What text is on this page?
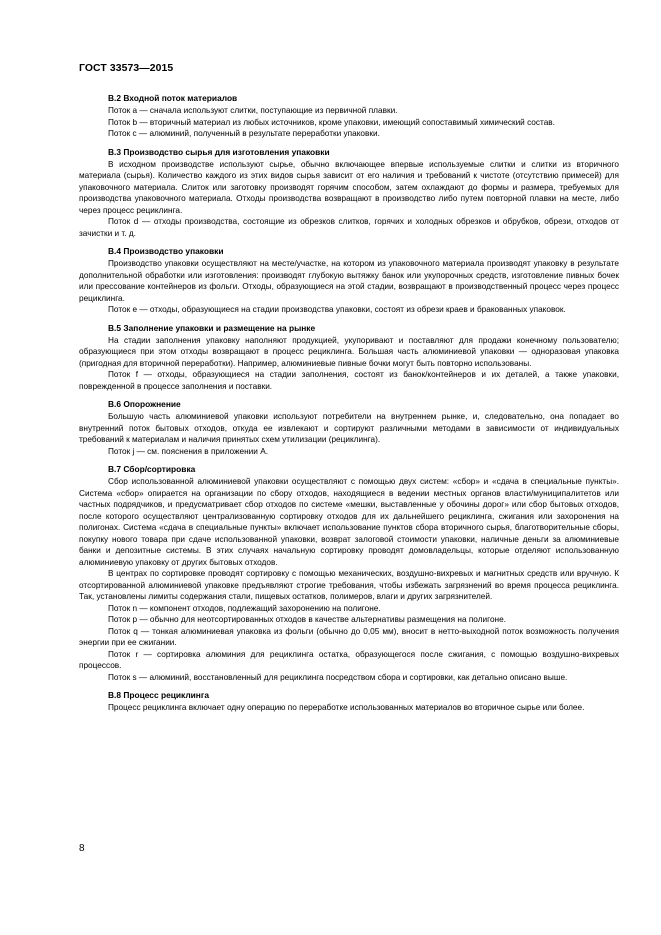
ГОСТ 33573—2015
B.2 Входной поток материалов

Поток a — сначала используют слитки, поступающие из первичной плавки.

Поток b — вторичный материал из любых источников, кроме упаковки, имеющий сопоставимый химический состав.

Поток c — алюминий, полученный в результате переработки упаковки.

B.3 Производство сырья для изготовления упаковки

В исходном производстве используют сырье, обычно включающее впервые используемые слитки и слитки из вторичного материала (сырья). Количество каждого из этих видов сырья зависит от его наличия и требований к чистоте (отсутствию примесей) для упаковочного материала. Слиток или заготовку производят горячим способом, затем охлаждают до формы и размера, требуемых для производства упаковочного материала. Отходы производства возвращают в производство либо путем повторной плавки на месте, либо через процесс рециклинга.

Поток d — отходы производства, состоящие из обрезков слитков, горячих и холодных обрезков и обрубков, обрези, отходов от зачистки и т. д.

B.4 Производство упаковки

Производство упаковки осуществляют на месте/участке, на котором из упаковочного материала производят упаковку в результате дополнительной обработки или изготовления: производят глубокую вытяжку банок или укупорочных средств, изготовление пивных бочек или прессование контейнеров из фольги. Отходы, образующиеся на этой стадии, возвращают в производственный процесс через процесс рециклинга.

Поток e — отходы, образующиеся на стадии производства упаковки, состоят из обрези краев и бракованных упаковок.

B.5 Заполнение упаковки и размещение на рынке

На стадии заполнения упаковку наполняют продукцией, укупоривают и поставляют для продажи конечному пользователю; образующиеся при этом отходы возвращают в процесс рециклинга. Большая часть алюминиевой упаковки — одноразовая упаковка (пригодная для вторичной переработки). Например, алюминиевые пивные бочки могут быть повторно использованы.

Поток f — отходы, образующиеся на стадии заполнения, состоят из банок/контейнеров и их деталей, а также упаковки, поврежденной в процессе заполнения и поставки.

B.6 Опорожнение

Большую часть алюминиевой упаковки используют потребители на внутреннем рынке, и, следовательно, она попадает во внутренний поток бытовых отходов, откуда ее извлекают и сортируют различными методами в зависимости от индивидуальных требований к материалам и наличия принятых схем утилизации (рециклинга).

Поток j — см. пояснения в приложении А.

B.7 Сбор/сортировка

Сбор использованной алюминиевой упаковки осуществляют с помощью двух систем: «сбор» и «сдача в специальные пункты». Система «сбор» опирается на организации по сбору отходов, находящиеся в ведении местных органов власти/муниципалитетов или частных подрядчиков, и предусматривает сбор отходов по системе «мешки, выставленные у обочины дорог» или сбор бытовых отходов, после которого осуществляют централизованную сортировку отходов для их дальнейшего рециклинга, сжигания или захоронения на полигонах. Система «сдача в специальные пункты» включает использование пунктов сбора вторичного сырья, благотворительные сборы, покупку нового товара при сдаче использованной упаковки, возврат залоговой стоимости упаковки, наличные деньги за алюминиевые банки и депозитные системы. В этих случаях начальную сортировку проводят домовладельцы, которые отделяют использованную алюминиевую упаковку от других бытовых отходов.

В центрах по сортировке проводят сортировку с помощью механических, воздушно-вихревых и магнитных средств или вручную. К отсортированной алюминиевой упаковке предъявляют строгие требования, чтобы избежать загрязнений во время процесса рециклинга. Так, установлены лимиты содержания стали, пищевых остатков, полимеров, влаги и других загрязнителей.

Поток n — компонент отходов, подлежащий захоронению на полигоне.

Поток p — обычно для неотсортированных отходов в качестве альтернативы размещения на полигоне.

Поток q — тонкая алюминиевая упаковка из фольги (обычно до 0,05 мм), вносит в нетто-выходной поток возможность получения энергии при ее сжигании.

Поток r — сортировка алюминия для рециклинга остатка, образующегося после сжигания, с помощью воздушно-вихревых процессов.

Поток s — алюминий, восстановленный для рециклинга посредством сбора и сортировки, как детально описано выше.

B.8 Процесс рециклинга

Процесс рециклинга включает одну операцию по переработке использованных материалов во вторичное сырье или более.

8
